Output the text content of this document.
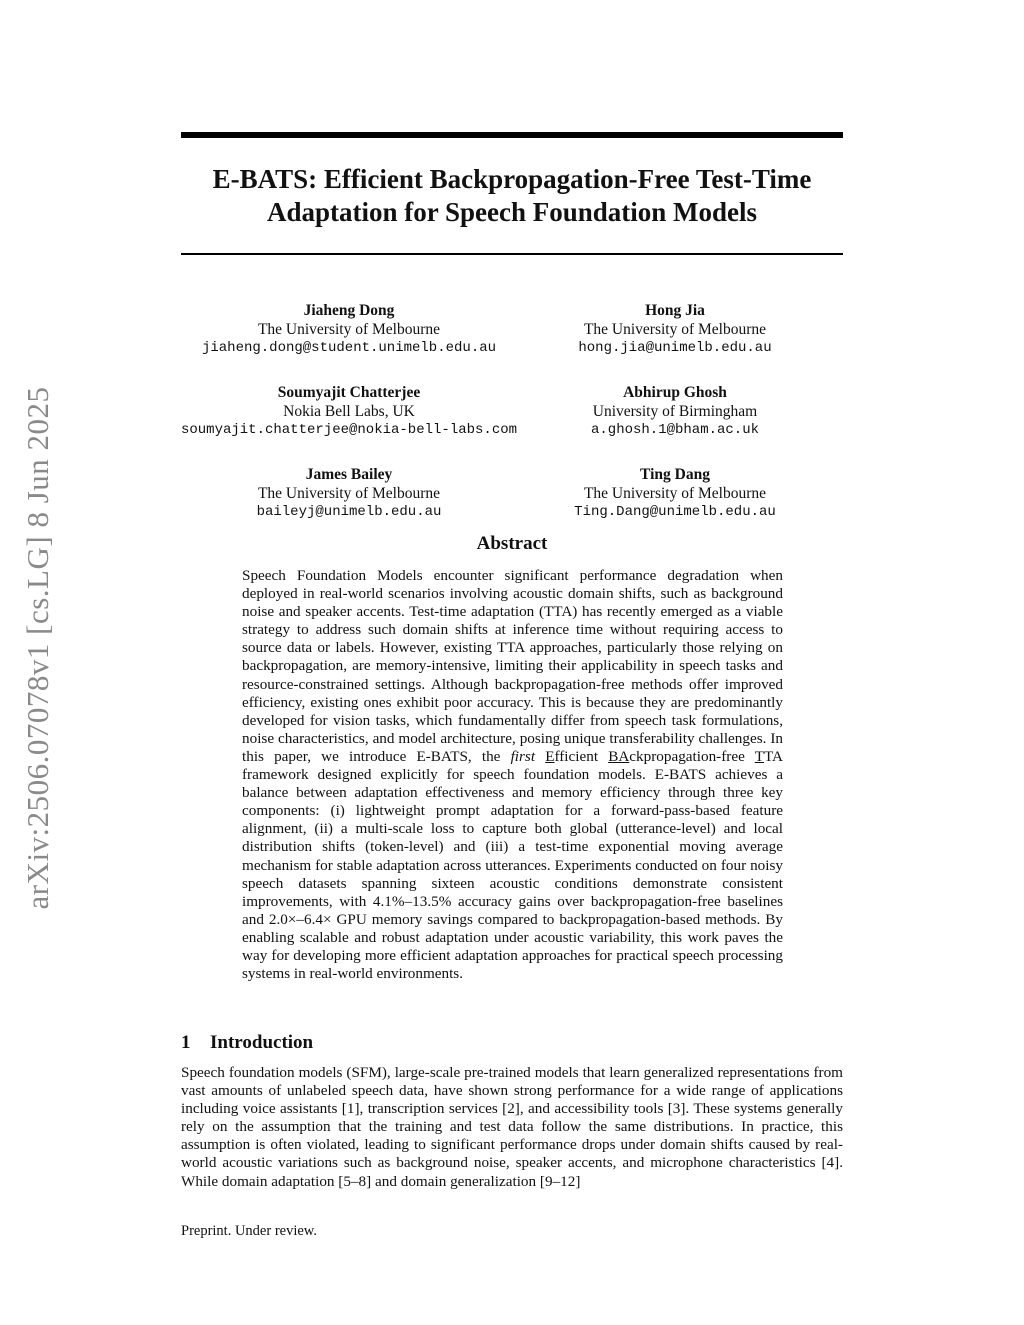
arXiv:2506.07078v1 [cs.LG] 8 Jun 2025
E-BATS: Efficient Backpropagation-Free Test-Time
Adaptation for Speech Foundation Models
Jiaheng Dong
The University of Melbourne
jiaheng.dong@student.unimelb.edu.au
Hong Jia
The University of Melbourne
hong.jia@unimelb.edu.au
Soumyajit Chatterjee
Nokia Bell Labs, UK
soumyajit.chatterjee@nokia-bell-labs.com
Abhirup Ghosh
University of Birmingham
a.ghosh.1@bham.ac.uk
James Bailey
The University of Melbourne
baileyj@unimelb.edu.au
Ting Dang
The University of Melbourne
Ting.Dang@unimelb.edu.au
Abstract

Speech Foundation Models encounter significant performance degradation when deployed in real-world scenarios involving acoustic domain shifts, such as background noise and speaker accents. Test-time adaptation (TTA) has recently emerged as a viable strategy to address such domain shifts at inference time without requiring access to source data or labels. However, existing TTA approaches, particularly those relying on backpropagation, are memory-intensive, limiting their applicability in speech tasks and resource-constrained settings. Although backpropagation-free methods offer improved efficiency, existing ones exhibit poor accuracy. This is because they are predominantly developed for vision tasks, which fundamentally differ from speech task formulations, noise characteristics, and model architecture, posing unique transferability challenges. In this paper, we introduce E-BATS, the first Efficient BAckpropagation-free TTA framework designed explicitly for speech foundation models. E-BATS achieves a balance between adaptation effectiveness and memory efficiency through three key components: (i) lightweight prompt adaptation for a forward-pass-based feature alignment, (ii) a multi-scale loss to capture both global (utterance-level) and local distribution shifts (token-level) and (iii) a test-time exponential moving average mechanism for stable adaptation across utterances. Experiments conducted on four noisy speech datasets spanning sixteen acoustic conditions demonstrate consistent improvements, with 4.1%–13.5% accuracy gains over backpropagation-free baselines and 2.0×–6.4× GPU memory savings compared to backpropagation-based methods. By enabling scalable and robust adaptation under acoustic variability, this work paves the way for developing more efficient adaptation approaches for practical speech processing systems in real-world environments.

1 Introduction

Speech foundation models (SFM), large-scale pre-trained models that learn generalized representations from vast amounts of unlabeled speech data, have shown strong performance for a wide range of applications including voice assistants [1], transcription services [2], and accessibility tools [3]. These systems generally rely on the assumption that the training and test data follow the same distributions. In practice, this assumption is often violated, leading to significant performance drops under domain shifts caused by real-world acoustic variations such as background noise, speaker accents, and microphone characteristics [4]. While domain adaptation [5–8] and domain generalization [9–12]

Preprint. Under review.
